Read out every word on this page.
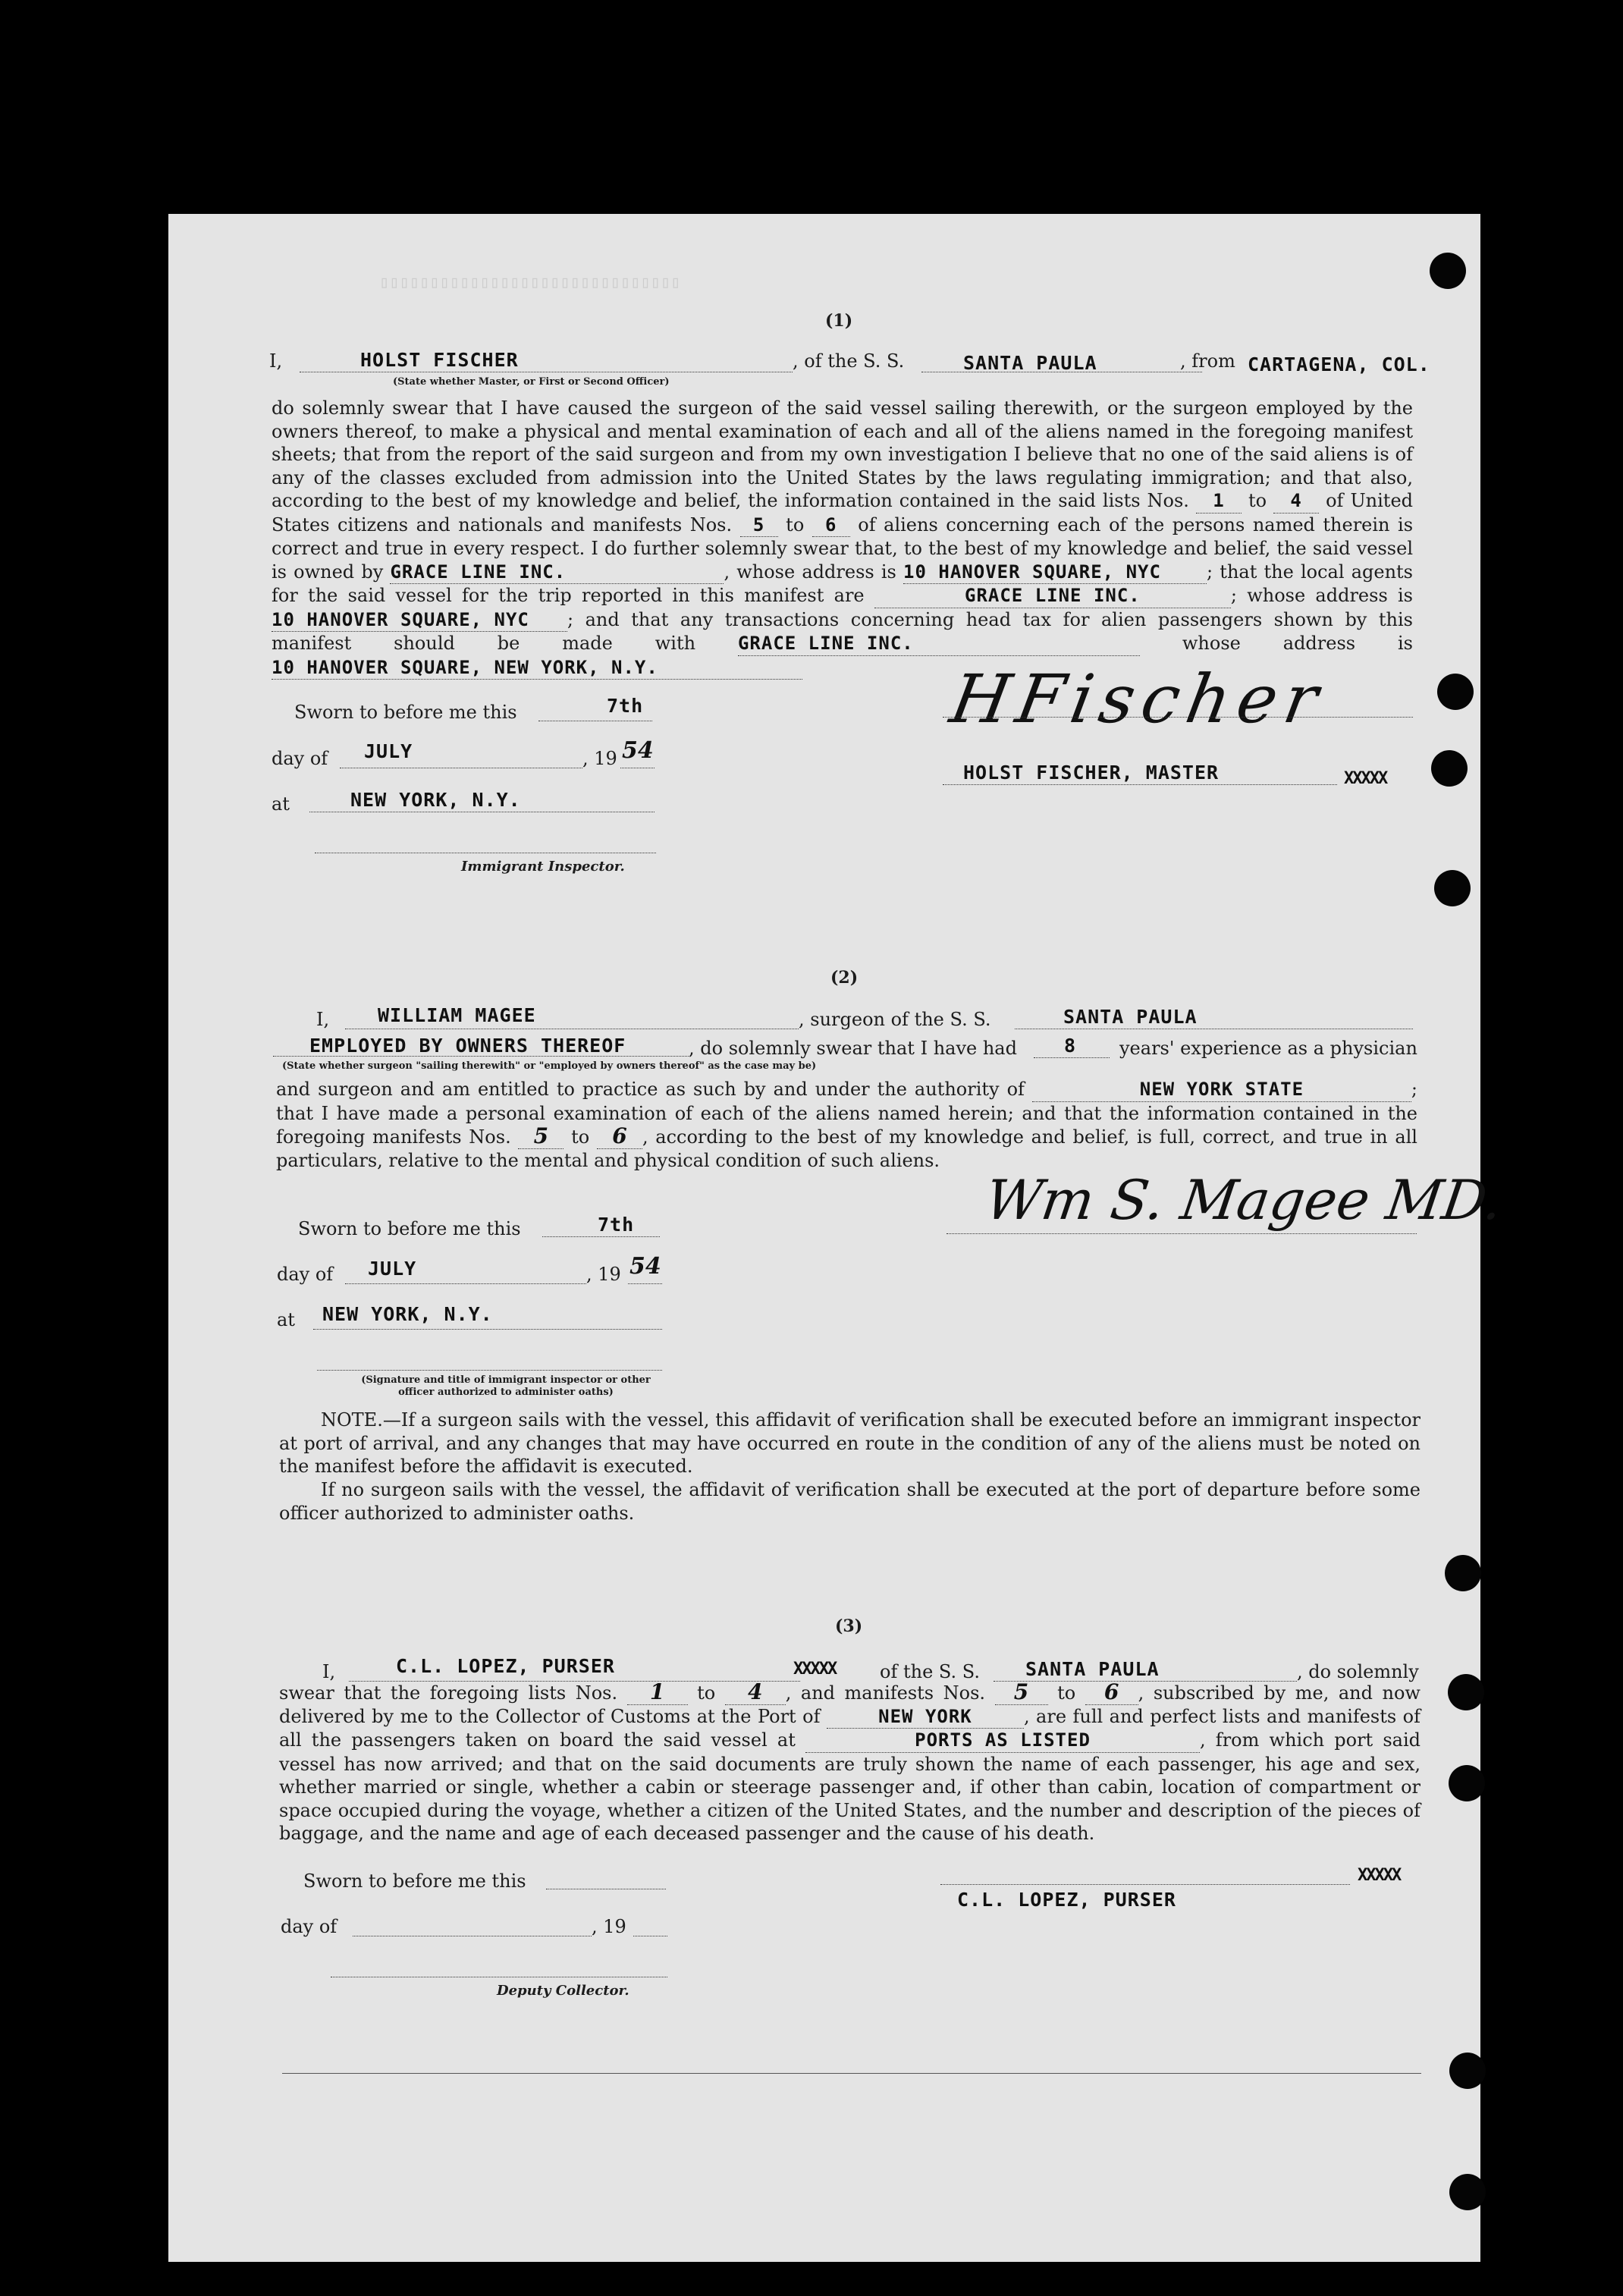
▯▯▯▯▯▯▯▯▯▯▯▯▯▯▯▯▯▯▯▯▯▯▯▯▯▯▯▯▯▯
(1)
I,	HOLST FISCHER	, of the S. S.	SANTA PAULA	, from CARTAGENA, COL.
(State whether Master, or First or Second Officer)
do solemnly swear that I have caused the surgeon of the said vessel sailing therewith, or the surgeon employed by the owners thereof, to make a physical and mental examination of each and all of the aliens named in the foregoing manifest sheets; that from the report of the said surgeon and from my own investigation I believe that no one of the said aliens is of any of the classes excluded from admission into the United States by the laws regulating immigration; and that also, according to the best of my knowledge and belief, the information contained in the said lists Nos. 1 to 4 of United States citizens and nationals and manifests Nos. 5 to 6 of aliens concerning each of the persons named therein is correct and true in every respect. I do further solemnly swear that, to the best of my knowledge and belief, the said vessel is owned by GRACE LINE INC.	, whose address is 10 HANOVER SQUARE, NYC	; that the local agents for the said vessel for the trip reported in this manifest are	GRACE LINE INC.	; whose address is 10 HANOVER SQUARE, NYC ; and that any transactions concerning head tax for alien passengers shown by this manifest should be made with GRACE LINE INC.	whose address is 10 HANOVER SQUARE, NEW YORK, N.Y.
Sworn to before me this	7th
day of JULY	, 19 54
at	NEW YORK, N.Y.
Immigrant Inspector.
HFischer
HOLST FISCHER, MASTER	XXXXX
(2)
I,	WILLIAM MAGEE	, surgeon of the S. S.	SANTA PAULA
EMPLOYED BY OWNERS THEREOF	, do solemnly swear that I have had 8 years' experience as a physician
(State whether surgeon "sailing therewith" or "employed by owners thereof" as the case may be)
and surgeon and am entitled to practice as such by and under the authority of	NEW YORK STATE	; that I have made a personal examination of each of the aliens named herein; and that the information contained in the foregoing manifests Nos. 5 to 6 , according to the best of my knowledge and belief, is full, correct, and true in all particulars, relative to the mental and physical condition of such aliens.
Sworn to before me this	7th
day of JULY	, 19 54
at NEW YORK, N.Y.
(Signature and title of immigrant inspector or other officer authorized to administer oaths)
Wm S. Magee MD.
NOTE.—If a surgeon sails with the vessel, this affidavit of verification shall be executed before an immigrant inspector at port of arrival, and any changes that may have occurred en route in the condition of any of the aliens must be noted on the manifest before the affidavit is executed.
If no surgeon sails with the vessel, the affidavit of verification shall be executed at the port of departure before some officer authorized to administer oaths.
(3)
I,	C.L. LOPEZ, PURSER	XXXXX of the S. S. SANTA PAULA	, do solemnly
swear that the foregoing lists Nos. 1 to 4 , and manifests Nos. 5 to 6 , subscribed by me, and now delivered by me to the Collector of Customs at the Port of	NEW YORK	, are full and perfect lists and manifests of all the passengers taken on board the said vessel at	PORTS AS LISTED	, from which port said vessel has now arrived; and that on the said documents are truly shown the name of each passenger, his age and sex, whether married or single, whether a cabin or steerage passenger and, if other than cabin, location of compartment or space occupied during the voyage, whether a citizen of the United States, and the number and description of the pieces of baggage, and the name and age of each deceased passenger and the cause of his death.
Sworn to before me this
day of	, 19
Deputy Collector.
XXXXX
C.L. LOPEZ, PURSER
